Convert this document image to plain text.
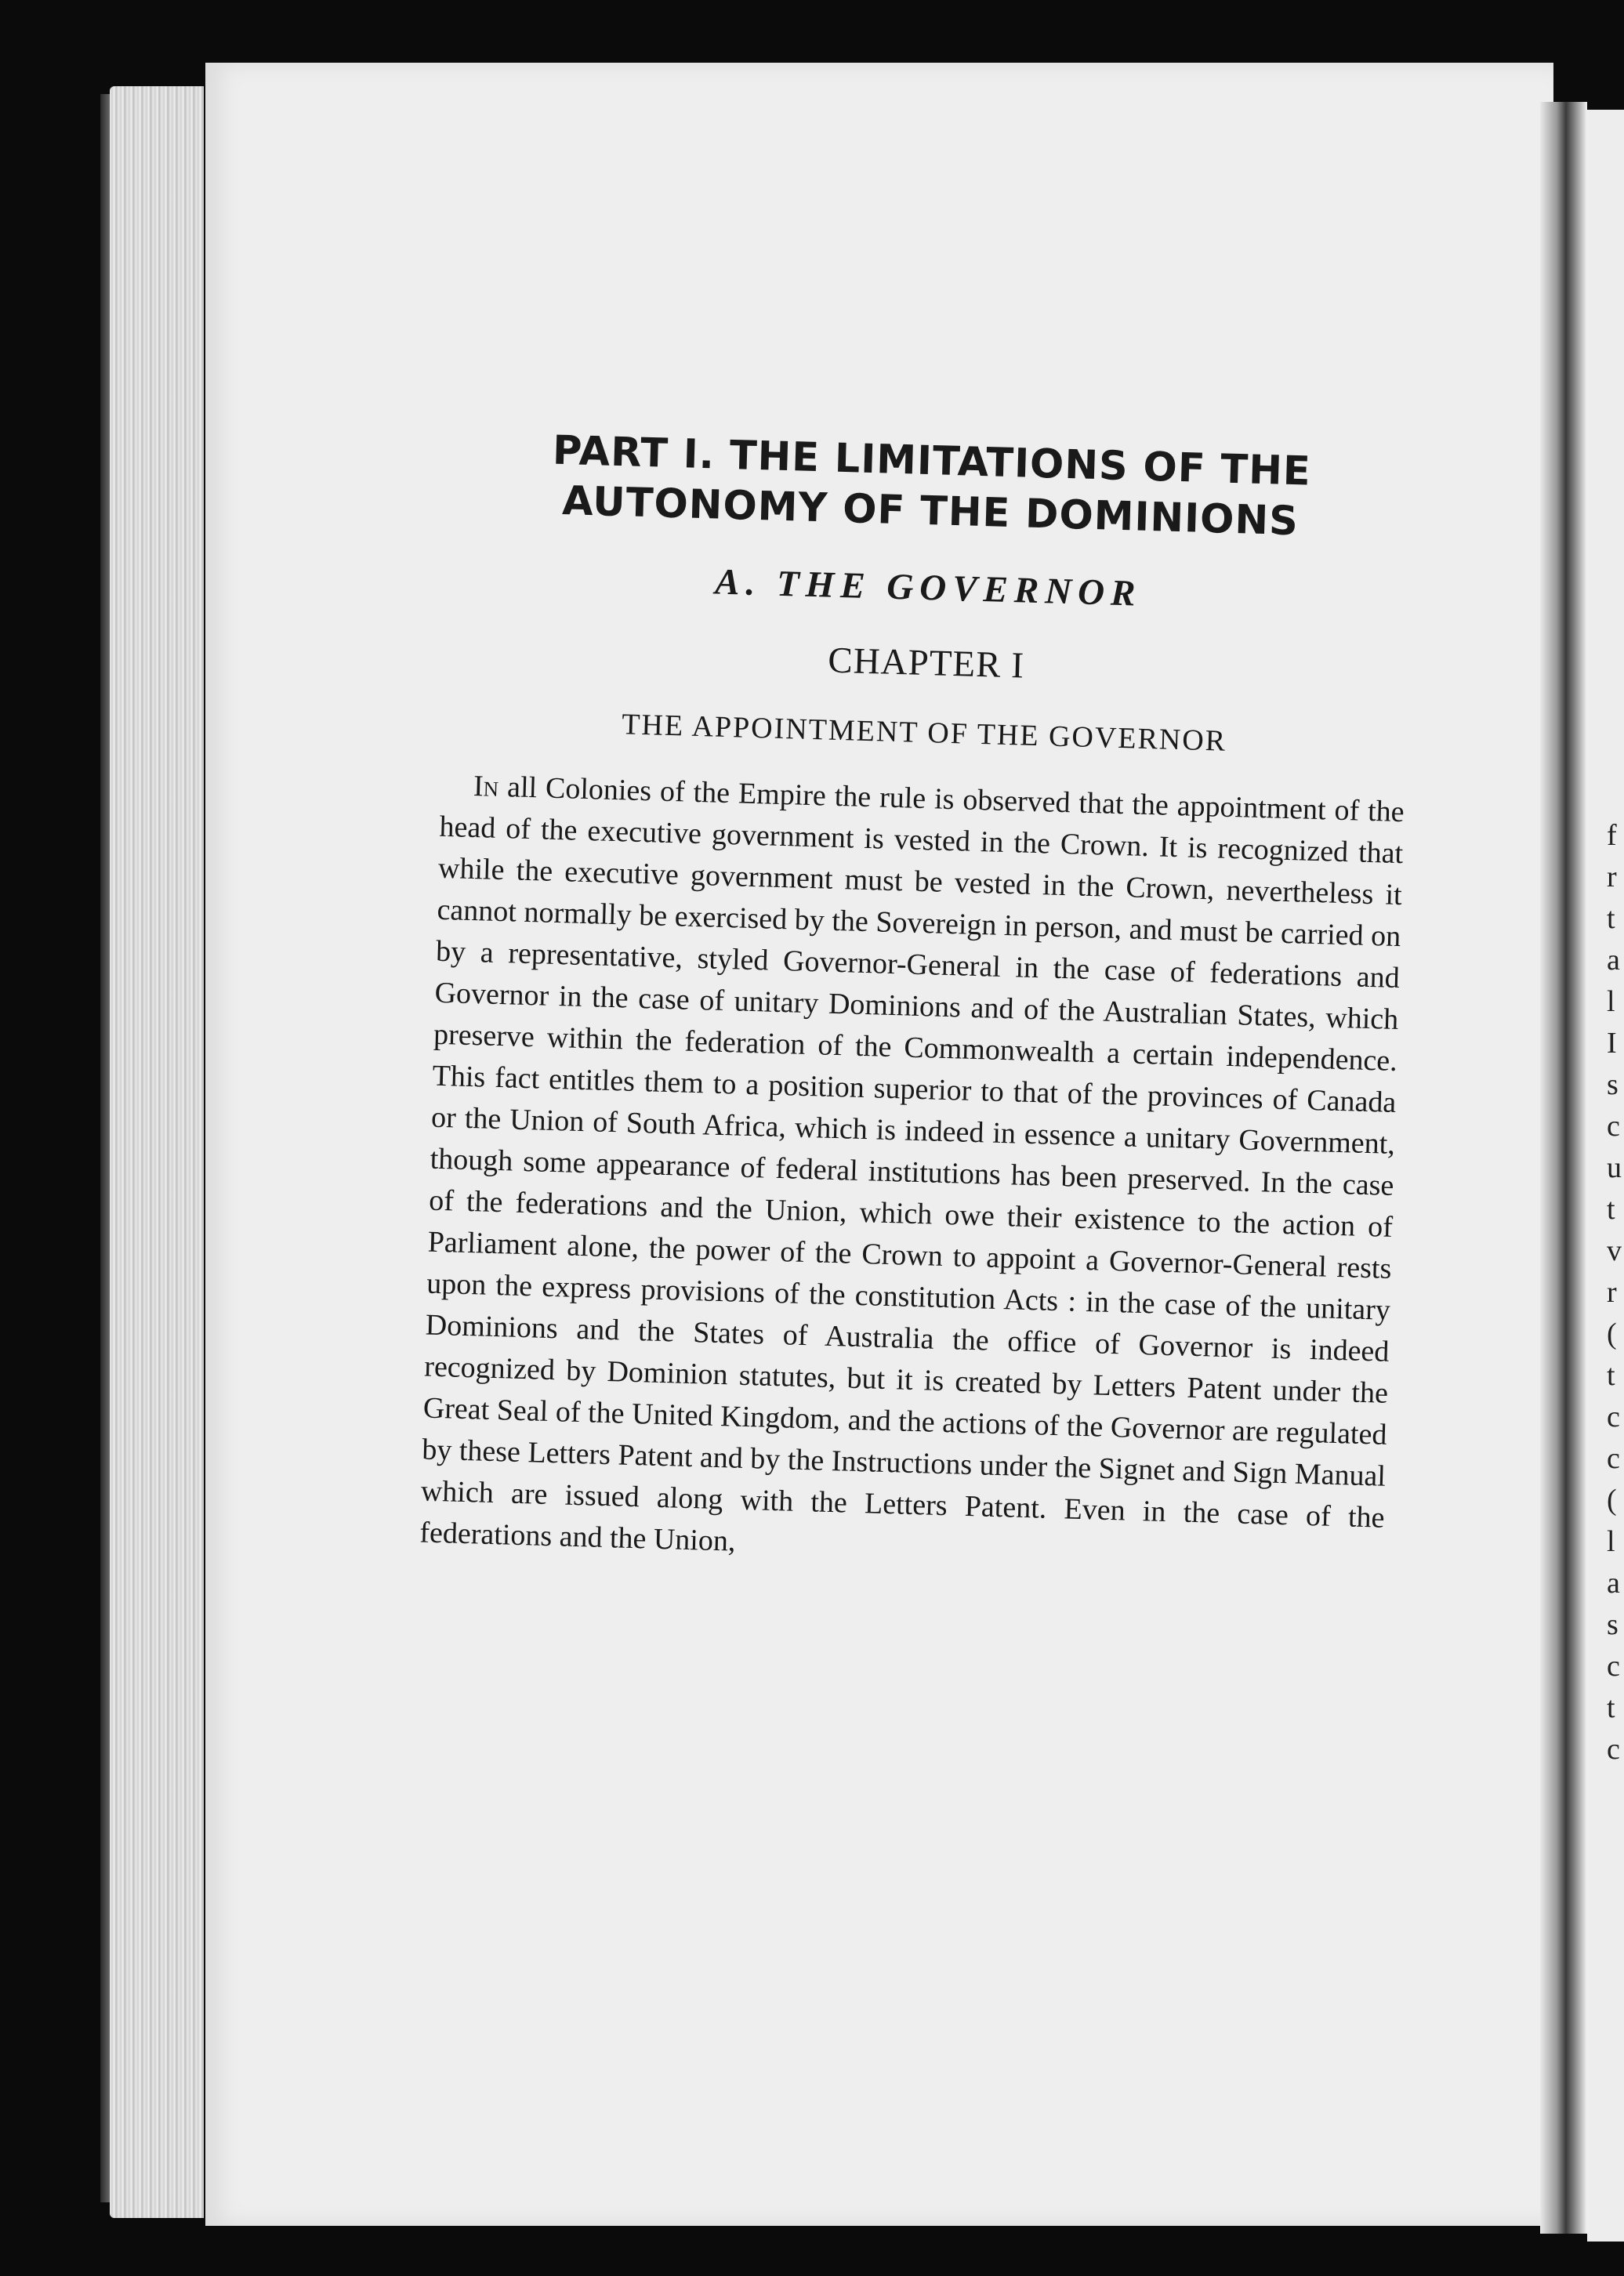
f
r
t
a
l
I
s
c
u
t
v
r
(
t
c
c
(
l
a
s
c
t
c
PART I. THE LIMITATIONS OF THE AUTONOMY OF THE DOMINIONS
A. THE GOVERNOR
CHAPTER I
THE APPOINTMENT OF THE GOVERNOR

In all Colonies of the Empire the rule is observed that the appointment of the head of the executive government is vested in the Crown. It is recognized that while the executive government must be vested in the Crown, nevertheless it cannot normally be exercised by the Sovereign in person, and must be carried on by a representative, styled Governor-General in the case of federations and Governor in the case of unitary Dominions and of the Australian States, which preserve within the federation of the Commonwealth a certain independence. This fact entitles them to a position superior to that of the provinces of Canada or the Union of South Africa, which is indeed in essence a unitary Government, though some appearance of federal institutions has been preserved. In the case of the federations and the Union, which owe their existence to the action of Parliament alone, the power of the Crown to appoint a Governor-General rests upon the express provisions of the constitution Acts : in the case of the unitary Dominions and the States of Australia the office of Governor is indeed recognized by Dominion statutes, but it is created by Letters Patent under the Great Seal of the United Kingdom, and the actions of the Governor are regulated by these Letters Patent and by the Instructions under the Signet and Sign Manual which are issued along with the Letters Patent. Even in the case of the federations and the Union,
